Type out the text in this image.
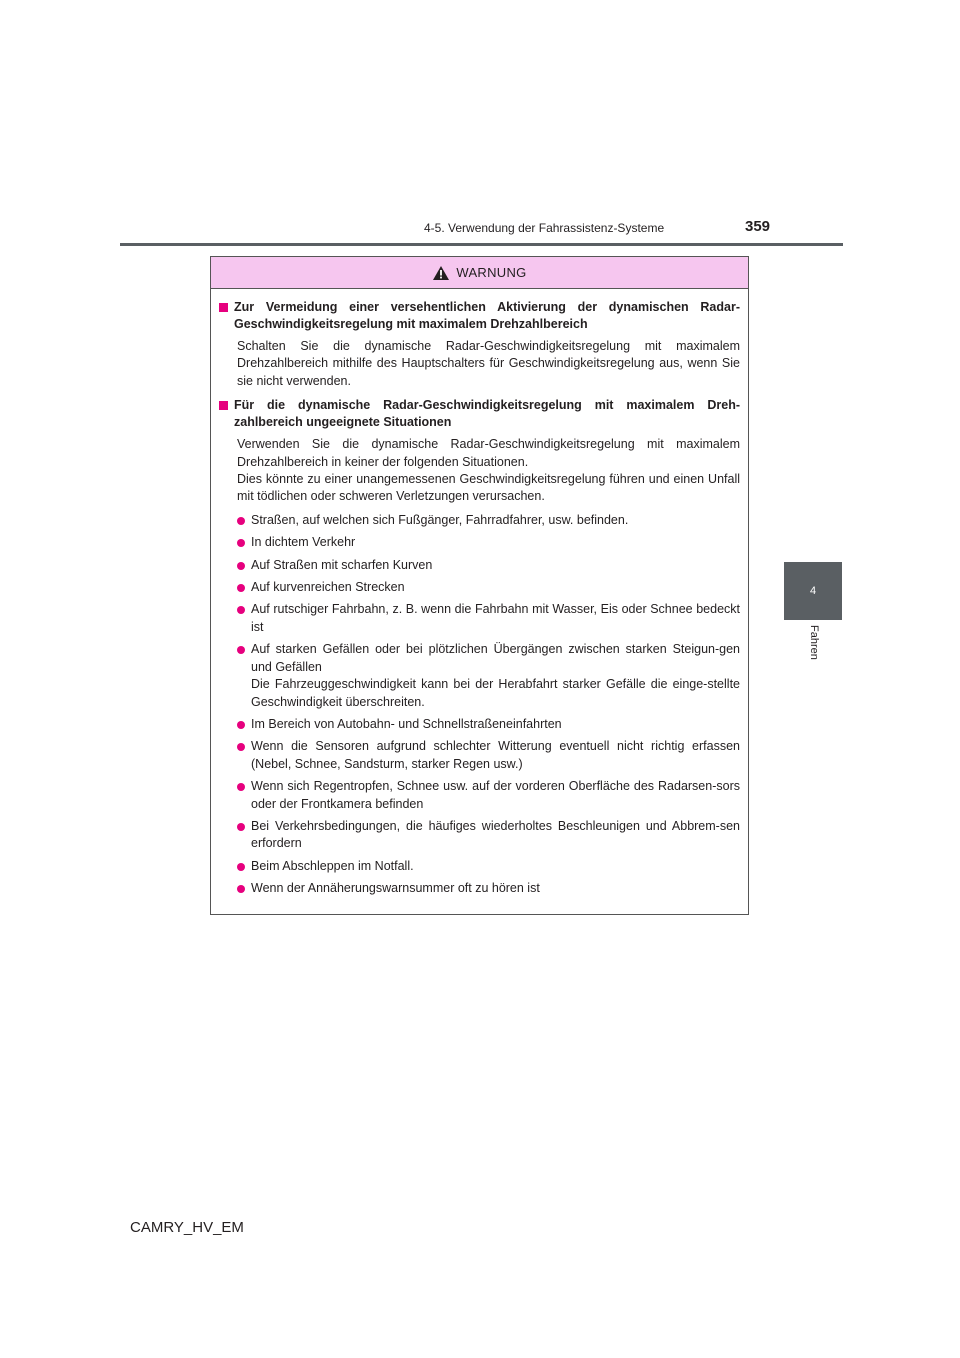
4-5. Verwendung der Fahrassistenz-Systeme	359
4
Fahren
WARNUNG
Zur Vermeidung einer versehentlichen Aktivierung der dynamischen Radar-Geschwindigkeitsregelung mit maximalem Drehzahlbereich
Schalten Sie die dynamische Radar-Geschwindigkeitsregelung mit maximalem Drehzahlbereich mithilfe des Hauptschalters für Geschwindigkeitsregelung aus, wenn Sie sie nicht verwenden.
Für die dynamische Radar-Geschwindigkeitsregelung mit maximalem Dreh-zahlbereich ungeeignete Situationen
Verwenden Sie die dynamische Radar-Geschwindigkeitsregelung mit maximalem Drehzahlbereich in keiner der folgenden Situationen.
Dies könnte zu einer unangemessenen Geschwindigkeitsregelung führen und einen Unfall mit tödlichen oder schweren Verletzungen verursachen.
Straßen, auf welchen sich Fußgänger, Fahrradfahrer, usw. befinden.
In dichtem Verkehr
Auf Straßen mit scharfen Kurven
Auf kurvenreichen Strecken
Auf rutschiger Fahrbahn, z. B. wenn die Fahrbahn mit Wasser, Eis oder Schnee bedeckt ist
Auf starken Gefällen oder bei plötzlichen Übergängen zwischen starken Steigun-gen und Gefällen
Die Fahrzeuggeschwindigkeit kann bei der Herabfahrt starker Gefälle die einge-stellte Geschwindigkeit überschreiten.
Im Bereich von Autobahn- und Schnellstraßeneinfahrten
Wenn die Sensoren aufgrund schlechter Witterung eventuell nicht richtig erfassen (Nebel, Schnee, Sandsturm, starker Regen usw.)
Wenn sich Regentropfen, Schnee usw. auf der vorderen Oberfläche des Radarsen-sors oder der Frontkamera befinden
Bei Verkehrsbedingungen, die häufiges wiederholtes Beschleunigen und Abbrem-sen erfordern
Beim Abschleppen im Notfall.
Wenn der Annäherungswarnsummer oft zu hören ist
CAMRY_HV_EM
